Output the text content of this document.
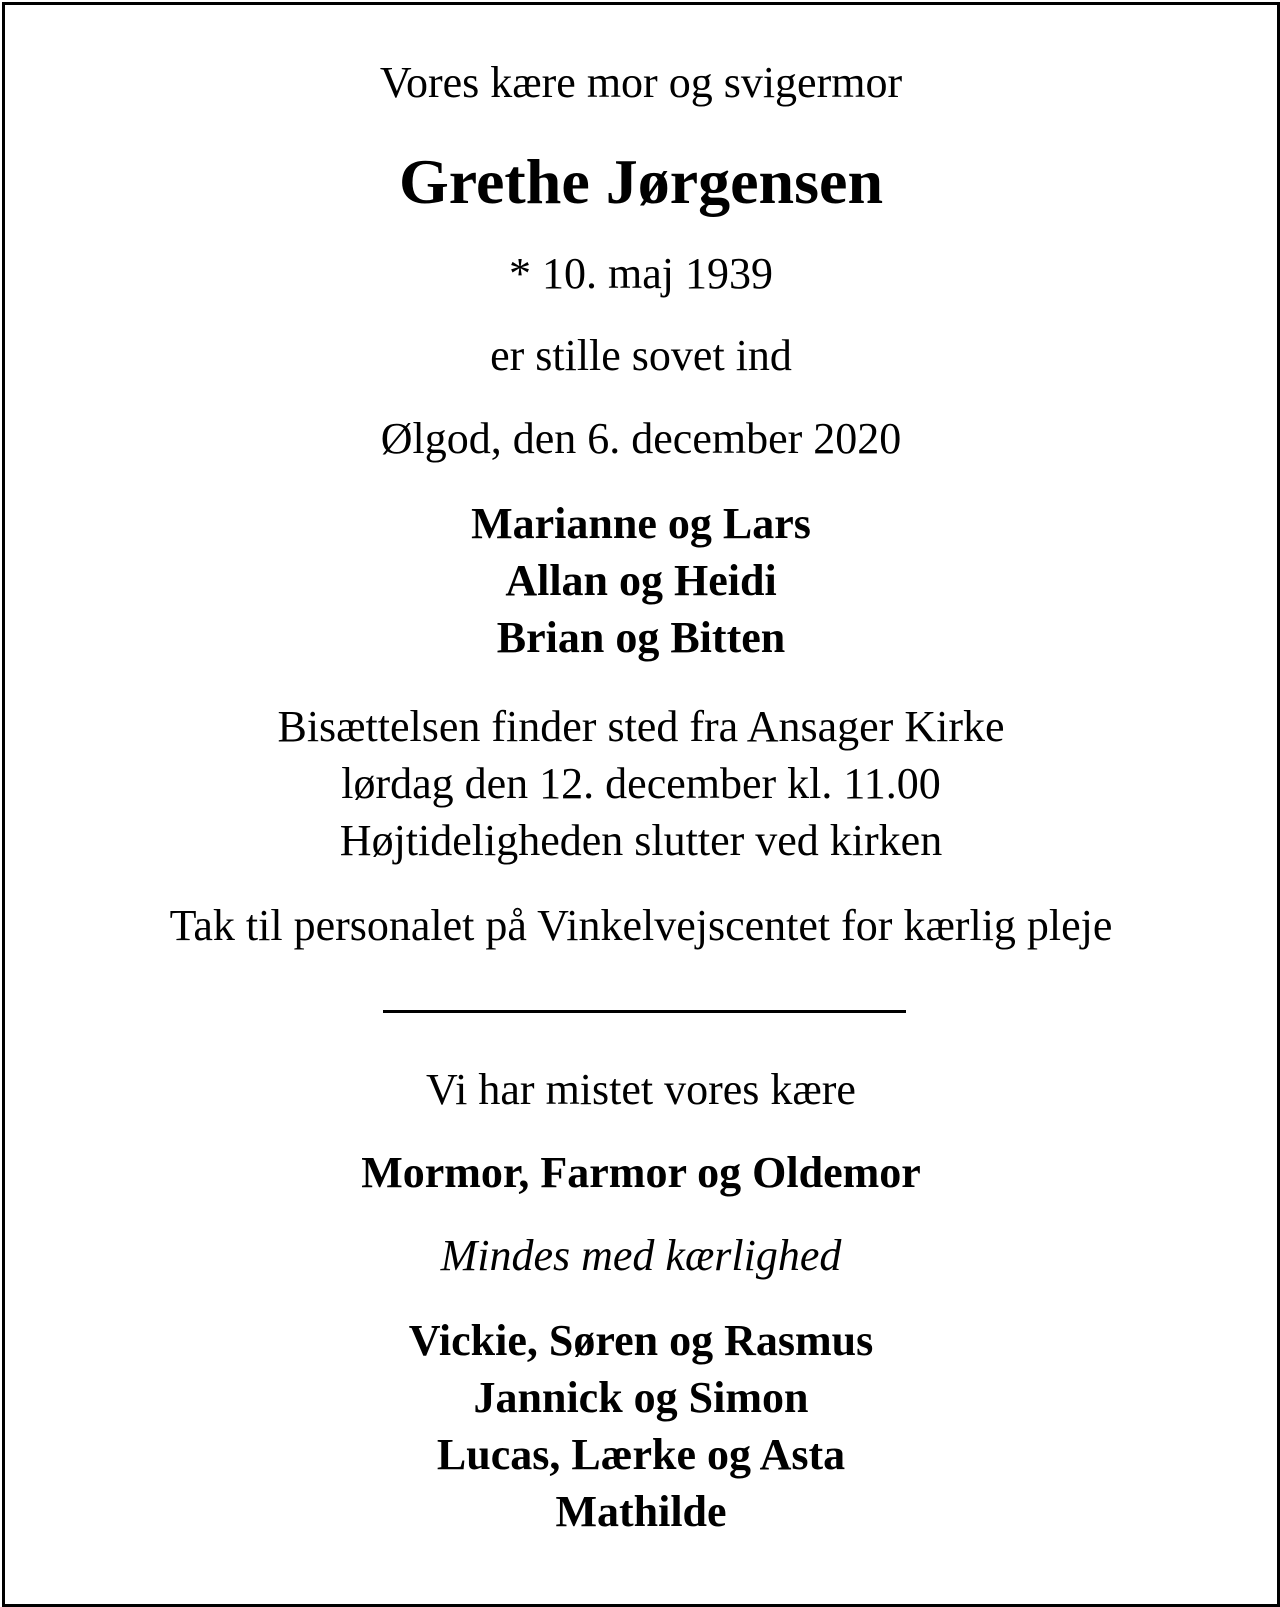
Vores kære mor og svigermor
Grethe Jørgensen
* 10. maj 1939
er stille sovet ind
Ølgod, den 6. december 2020
Marianne og Lars
Allan og Heidi
Brian og Bitten
Bisættelsen finder sted fra Ansager Kirke
lørdag den 12. december kl. 11.00
Højtideligheden slutter ved kirken
Tak til personalet på Vinkelvejscentet for kærlig pleje
Vi har mistet vores kære
Mormor, Farmor og Oldemor
Mindes med kærlighed
Vickie, Søren og Rasmus
Jannick og Simon
Lucas, Lærke og Asta
Mathilde
